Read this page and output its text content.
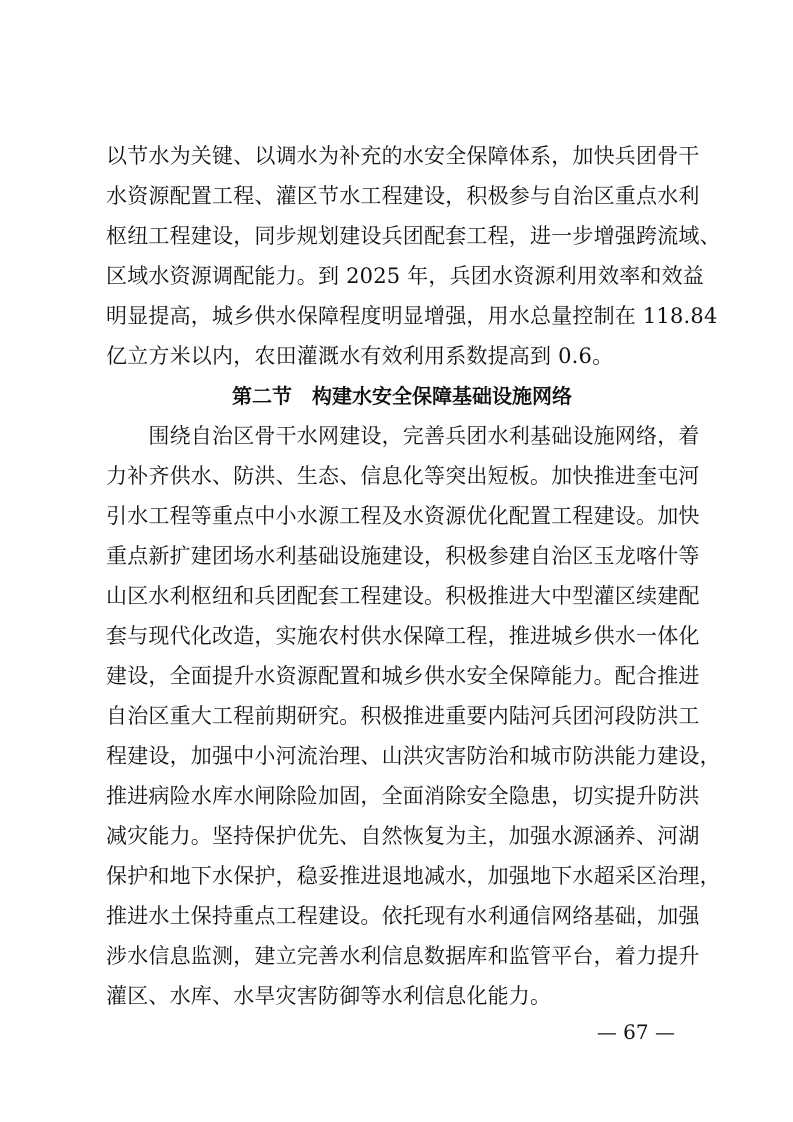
以节水为关键、以调水为补充的水安全保障体系，加快兵团骨干
水资源配置工程、灌区节水工程建设，积极参与自治区重点水利
枢纽工程建设，同步规划建设兵团配套工程，进一步增强跨流域、
区域水资源调配能力。到 2025 年，兵团水资源利用效率和效益
明显提高，城乡供水保障程度明显增强，用水总量控制在 118.84
亿立方米以内，农田灌溉水有效利用系数提高到 0.6。
第二节　构建水安全保障基础设施网络
　　围绕自治区骨干水网建设，完善兵团水利基础设施网络，着
力补齐供水、防洪、生态、信息化等突出短板。加快推进奎屯河
引水工程等重点中小水源工程及水资源优化配置工程建设。加快
重点新扩建团场水利基础设施建设，积极参建自治区玉龙喀什等
山区水利枢纽和兵团配套工程建设。积极推进大中型灌区续建配
套与现代化改造，实施农村供水保障工程，推进城乡供水一体化
建设，全面提升水资源配置和城乡供水安全保障能力。配合推进
自治区重大工程前期研究。积极推进重要内陆河兵团河段防洪工
程建设，加强中小河流治理、山洪灾害防治和城市防洪能力建设，
推进病险水库水闸除险加固，全面消除安全隐患，切实提升防洪
减灾能力。坚持保护优先、自然恢复为主，加强水源涵养、河湖
保护和地下水保护，稳妥推进退地减水，加强地下水超采区治理，
推进水土保持重点工程建设。依托现有水利通信网络基础，加强
涉水信息监测，建立完善水利信息数据库和监管平台，着力提升
灌区、水库、水旱灾害防御等水利信息化能力。
— 67 —
